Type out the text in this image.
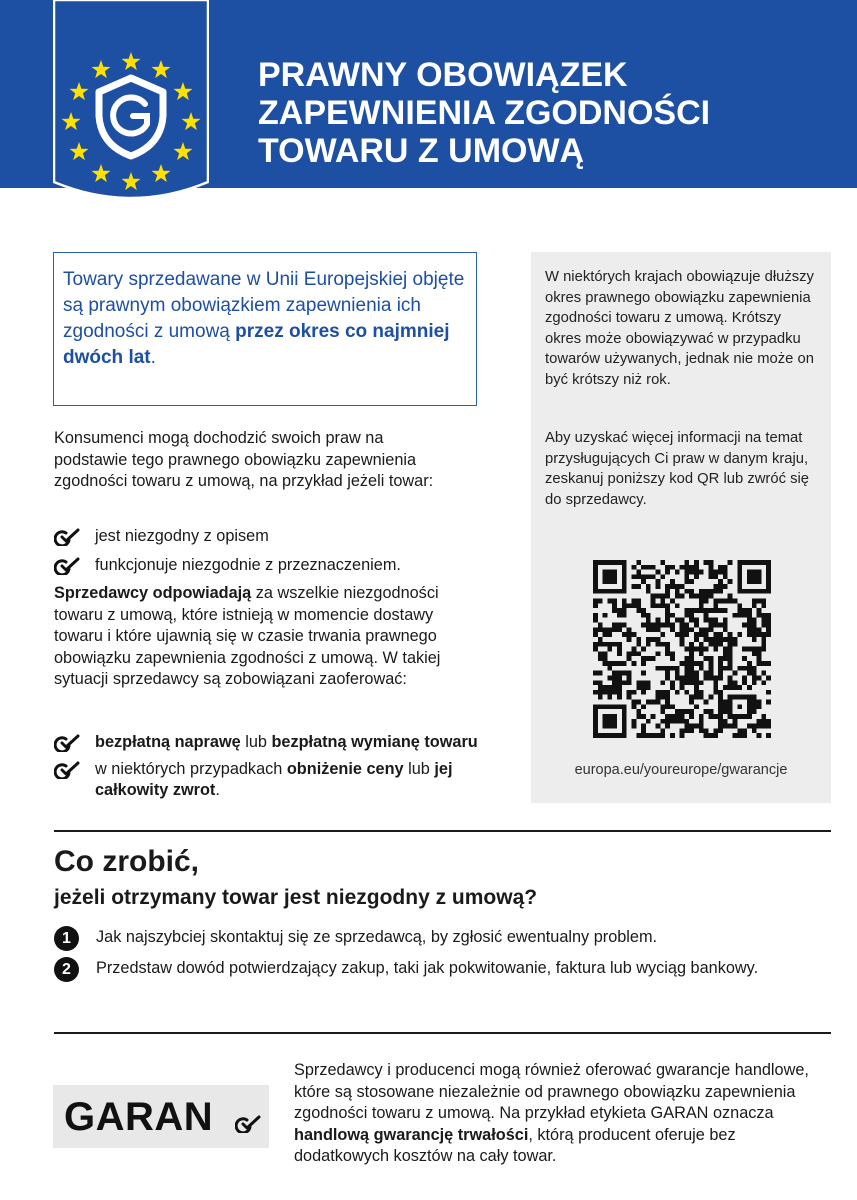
PRAWNY OBOWIĄZEK ZAPEWNIENIA ZGODNOŚCI TOWARU Z UMOWĄ
Towary sprzedawane w Unii Europejskiej objęte są prawnym obowiązkiem zapewnienia ich zgodności z umową przez okres co najmniej dwóch lat.
Konsumenci mogą dochodzić swoich praw na podstawie tego prawnego obowiązku zapewnienia zgodności towaru z umową, na przykład jeżeli towar:
jest niezgodny z opisem
funkcjonuje niezgodnie z przeznaczeniem.
Sprzedawcy odpowiadają za wszelkie niezgodności towaru z umową, które istnieją w momencie dostawy towaru i które ujawnią się w czasie trwania prawnego obowiązku zapewnienia zgodności z umową. W takiej sytuacji sprzedawcy są zobowiązani zaoferować:
bezpłatną naprawę lub bezpłatną wymianę towaru
w niektórych przypadkach obniżenie ceny lub jej całkowity zwrot.
W niektórych krajach obowiązuje dłuższy okres prawnego obowiązku zapewnienia zgodności towaru z umową. Krótszy okres może obowiązywać w przypadku towarów używanych, jednak nie może on być krótszy niż rok.
Aby uzyskać więcej informacji na temat przysługujących Ci praw w danym kraju, zeskanuj poniższy kod QR lub zwróć się do sprzedawcy.
europa.eu/youreurope/gwarancje
Co zrobić,
jeżeli otrzymany towar jest niezgodny z umową?
1	Jak najszybciej skontaktuj się ze sprzedawcą, by zgłosić ewentualny problem.
2	Przedstaw dowód potwierdzający zakup, taki jak pokwitowanie, faktura lub wyciąg bankowy.
GARAN
Sprzedawcy i producenci mogą również oferować gwarancje handlowe, które są stosowane niezależnie od prawnego obowiązku zapewnienia zgodności towaru z umową. Na przykład etykieta GARAN oznacza handlową gwarancję trwałości, którą producent oferuje bez dodatkowych kosztów na cały towar.
